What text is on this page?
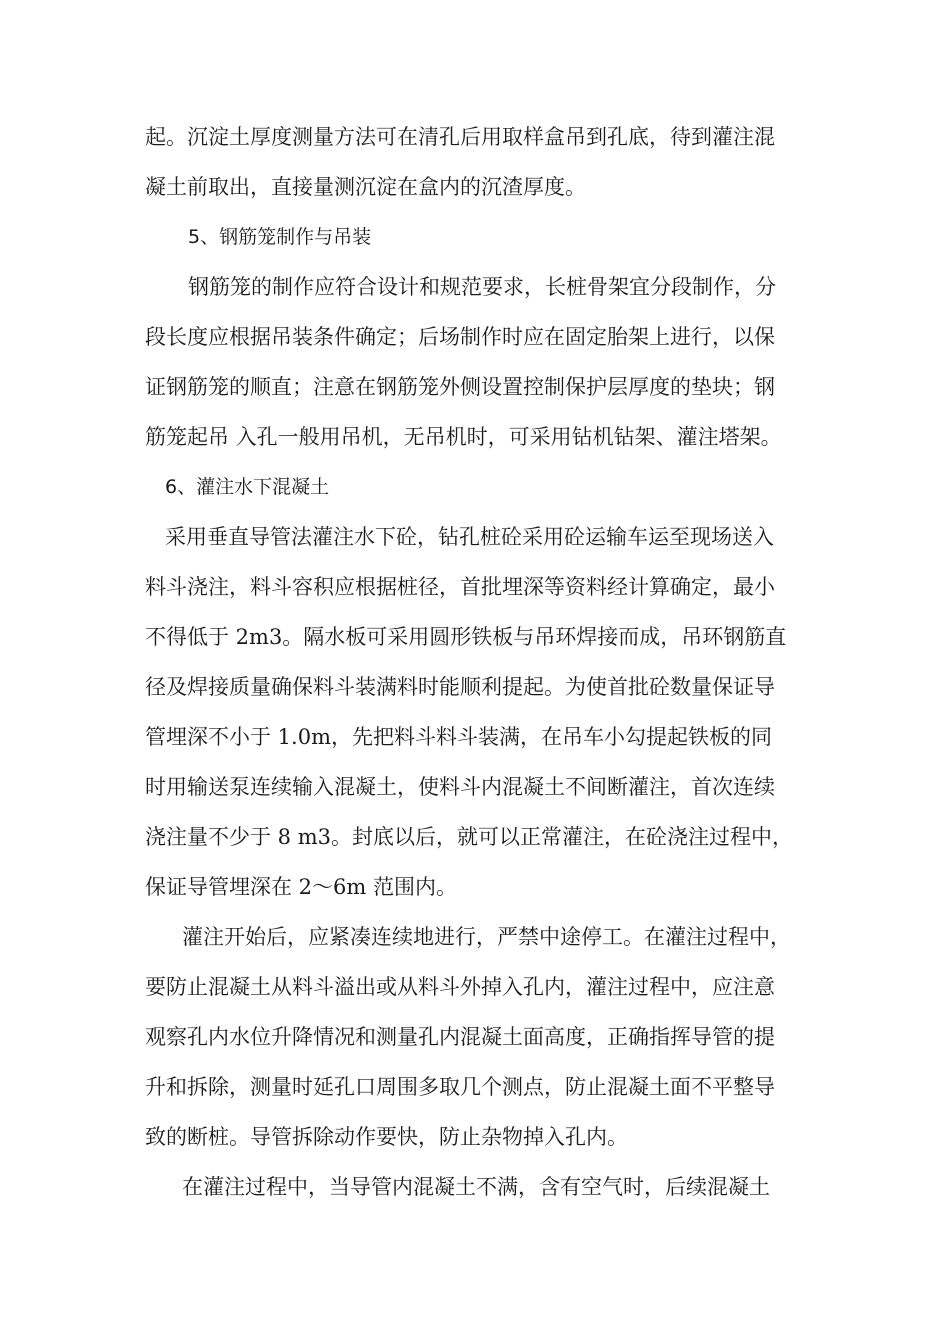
起。沉淀土厚度测量方法可在清孔后用取样盒吊到孔底，待到灌注混
凝土前取出，直接量测沉淀在盒内的沉渣厚度。
5、钢筋笼制作与吊装
钢筋笼的制作应符合设计和规范要求，长桩骨架宜分段制作，分
段长度应根据吊装条件确定；后场制作时应在固定胎架上进行，以保
证钢筋笼的顺直；注意在钢筋笼外侧设置控制保护层厚度的垫块；钢
筋笼起吊 入孔一般用吊机，无吊机时，可采用钻机钻架、灌注塔架。
6、灌注水下混凝土
采用垂直导管法灌注水下砼，钻孔桩砼采用砼运输车运至现场送入
料斗浇注，料斗容积应根据桩径，首批埋深等资料经计算确定，最小
不得低于 2m3。隔水板可采用圆形铁板与吊环焊接而成，吊环钢筋直
径及焊接质量确保料斗装满料时能顺利提起。为使首批砼数量保证导
管埋深不小于 1.0m，先把料斗料斗装满，在吊车小勾提起铁板的同
时用输送泵连续输入混凝土，使料斗内混凝土不间断灌注，首次连续
浇注量不少于 8 m3。封底以后，就可以正常灌注，在砼浇注过程中，
保证导管埋深在 2～6m 范围内。
灌注开始后，应紧凑连续地进行，严禁中途停工。在灌注过程中，
要防止混凝土从料斗溢出或从料斗外掉入孔内，灌注过程中，应注意
观察孔内水位升降情况和测量孔内混凝土面高度，正确指挥导管的提
升和拆除，测量时延孔口周围多取几个测点，防止混凝土面不平整导
致的断桩。导管拆除动作要快，防止杂物掉入孔内。
在灌注过程中，当导管内混凝土不满，含有空气时，后续混凝土
